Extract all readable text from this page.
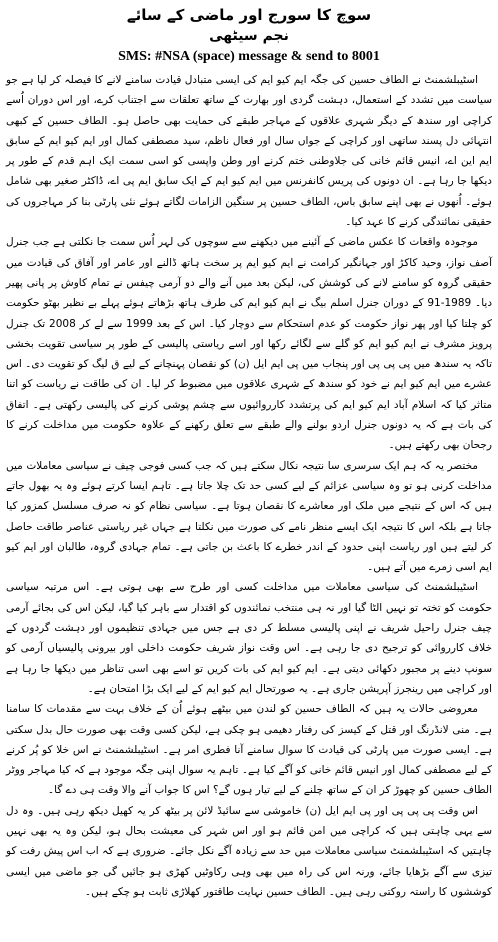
سوچ کا سورج اور ماضی کے سائے

نجم سیٹھی

SMS: #NSA (space) message & send to 8001

اسٹیبلشمنٹ نے الطاف حسین کی جگہ ایم کیو ایم کی ایسی متبادل قیادت سامنے لانے کا فیصلہ کر لیا ہے جو سیاست میں تشدد کے استعمال، دہشت گردی اور بھارت کے ساتھ تعلقات سے اجتناب کرے، اور اس دوران اُسے کراچی اور سندھ کے دیگر شہری علاقوں کے مہاجر طبقے کی حمایت بھی حاصل ہو۔ الطاف حسین کے کبھی انتہائی دل پسند ساتھی اور کراچی کے جواں سال اور فعال ناظم، سید مصطفی کمال اور ایم کیو ایم کے سابق ایم این اے، انیس قائم خانی کی جلاوطنی ختم کرنے اور وطن واپسی کو اسی سمت ایک اہم قدم کے طور پر دیکھا جا رہا ہے۔ ان دونوں کی پریس کانفرنس میں ایم کیو ایم کے ایک سابق ایم پی اے، ڈاکٹر صغیر بھی شامل ہوئے۔ اُنھوں نے بھی اپنے سابق باس، الطاف حسین پر سنگین الزامات لگاتے ہوئے نئی پارٹی بنا کر مہاجروں کی حقیقی نمائندگی کرنے کا عہد کیا۔

موجودہ واقعات کا عکس ماضی کے آئینے میں دیکھنے سے سوچوں کی لہر اُس سمت جا نکلتی ہے جب جنرل آصف نواز، وحید کاکڑ اور جہانگیر کرامت نے ایم کیو ایم پر سخت ہاتھ ڈالنے اور عامر اور آفاق کی قیادت میں حقیقی گروہ کو سامنے لانے کی کوشش کی، لیکن بعد میں آنے والے دو آرمی چیفس نے تمام کاوش پر پانی پھیر دیا۔ 1989-91 کے دوران جنرل اسلم بیگ نے ایم کیو ایم کی طرف ہاتھ بڑھاتے ہوئے پہلے بے نظیر بھٹو حکومت کو چلتا کیا اور پھر نواز حکومت کو عدم استحکام سے دوچار کیا۔ اس کے بعد 1999 سے لے کر 2008 تک جنرل پرویز مشرف نے ایم کیو ایم کو گلے سے لگائے رکھا اور اسے ریاستی پالیسی کے طور پر سیاسی تقویت بخشی تاکہ یہ سندھ میں پی پی پی اور پنجاب میں پی ایم ایل (ن) کو نقصان پہنچانے کے لیے ق لیگ کو تقویت دی۔ اس عشرے میں ایم کیو ایم نے خود کو سندھ کے شہری علاقوں میں مضبوط کر لیا۔ ان کی طاقت نے ریاست کو اتنا متاثر کیا کہ اسلام آباد ایم کیو ایم کی پرتشدد کارروائیوں سے چشم پوشی کرنے کی پالیسی رکھتی ہے۔ اتفاق کی بات ہے کہ یہ دونوں جنرل اردو بولنے والے طبقے سے تعلق رکھنے کے علاوہ حکومت میں مداخلت کرنے کا رجحان بھی رکھتے ہیں۔

مختصر یہ کہ ہم ایک سرسری سا نتیجہ نکال سکتے ہیں کہ جب کسی فوجی چیف نے سیاسی معاملات میں مداخلت کرنی ہو تو وہ سیاسی عزائم کے لیے کسی حد تک چلا جاتا ہے۔ تاہم ایسا کرتے ہوئے وہ یہ بھول جاتے ہیں کہ اس کے نتیجے میں ملک اور معاشرے کا نقصان ہوتا ہے۔ سیاسی نظام کو نہ صرف مسلسل کمزور کیا جاتا ہے بلکہ اس کا نتیجہ ایک ایسے منظر نامے کی صورت میں نکلتا ہے جہاں غیر ریاستی عناصر طاقت حاصل کر لیتے ہیں اور ریاست اپنی حدود کے اندر خطرے کا باعث بن جاتی ہے۔ تمام جہادی گروہ، طالبان اور ایم کیو ایم اسی زمرے میں آتے ہیں۔

اسٹیبلشمنٹ کی سیاسی معاملات میں مداخلت کسی اور طرح سے بھی ہوتی ہے۔ اس مرتبہ سیاسی حکومت کو تختہ تو نہیں الٹا گیا اور نہ ہی منتخب نمائندوں کو اقتدار سے باہر کیا گیا، لیکن اس کی بجائے آرمی چیف جنرل راحیل شریف نے اپنی پالیسی مسلط کر دی ہے جس میں جہادی تنظیموں اور دہشت گردوں کے خلاف کارروائی کو ترجیح دی جا رہی ہے۔ اس وقت نواز شریف حکومت داخلی اور بیرونی پالیسیاں آرمی کو سونپ دینے پر مجبور دکھائی دیتی ہے۔ ایم کیو ایم کی بات کریں تو اسے بھی اسی تناظر میں دیکھا جا رہا ہے اور کراچی میں رینجرز آپریشن جاری ہے۔ یہ صورتحال ایم کیو ایم کے لیے ایک بڑا امتحان ہے۔

معروضی حالات یہ ہیں کہ الطاف حسین کو لندن میں بیٹھے ہوئے اُن کے خلاف بہت سے مقدمات کا سامنا ہے۔ منی لانڈرنگ اور قتل کے کیسز کی رفتار دھیمی ہو چکی ہے، لیکن کسی وقت بھی صورت حال بدل سکتی ہے۔ ایسی صورت میں پارٹی کی قیادت کا سوال سامنے آنا فطری امر ہے۔ اسٹیبلشمنٹ نے اس خلا کو پُر کرنے کے لیے مصطفی کمال اور انیس قائم خانی کو آگے کیا ہے۔ تاہم یہ سوال اپنی جگہ موجود ہے کہ کیا مہاجر ووٹر الطاف حسین کو چھوڑ کر ان کے ساتھ چلنے کے لیے تیار ہوں گے؟ اس کا جواب آنے والا وقت ہی دے گا۔

اس وقت پی پی پی اور پی ایم ایل (ن) خاموشی سے سائیڈ لائن پر بیٹھ کر یہ کھیل دیکھ رہی ہیں۔ وہ دل سے یہی چاہتی ہیں کہ کراچی میں امن قائم ہو اور اس شہر کی معیشت بحال ہو، لیکن وہ یہ بھی نہیں چاہتیں کہ اسٹیبلشمنٹ سیاسی معاملات میں حد سے زیادہ آگے نکل جائے۔ ضروری ہے کہ اب اس پیش رفت کو تیزی سے آگے بڑھایا جائے، ورنہ اس کی راہ میں بھی وہی رکاوٹیں کھڑی ہو جائیں گی جو ماضی میں ایسی کوششوں کا راستہ روکتی رہی ہیں۔ الطاف حسین نہایت طاقتور کھلاڑی ثابت ہو چکے ہیں۔
